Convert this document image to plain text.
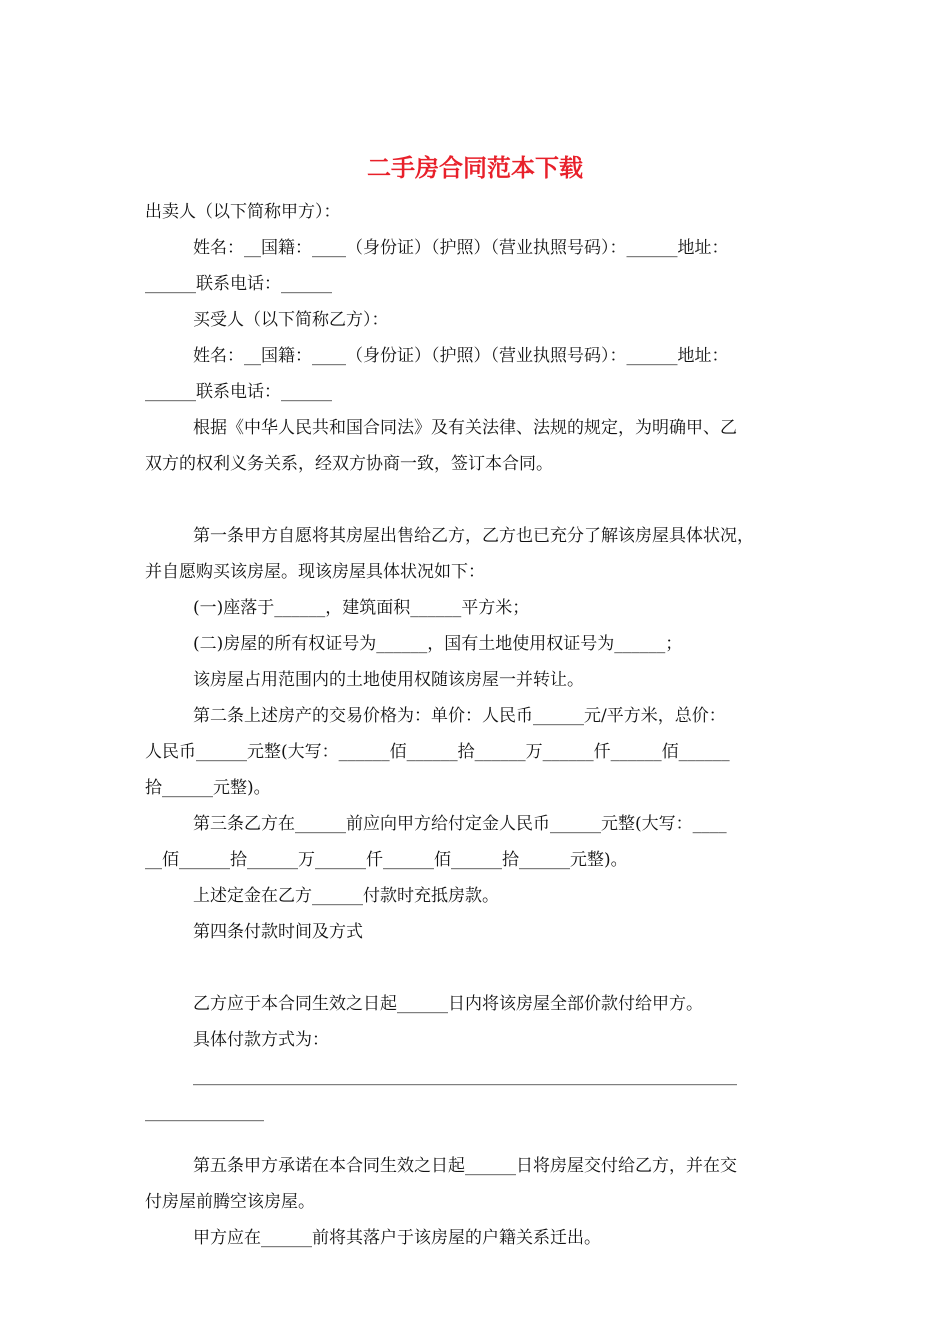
二手房合同范本下载
出卖人（以下简称甲方）：
姓名：__国籍：____（身份证）（护照）（营业执照号码）：______地址：
______联系电话：______
买受人（以下简称乙方）：
姓名：__国籍：____（身份证）（护照）（营业执照号码）：______地址：
______联系电话：______
根据《中华人民共和国合同法》及有关法律、法规的规定，为明确甲、乙
双方的权利义务关系，经双方协商一致，签订本合同。
第一条甲方自愿将其房屋出售给乙方，乙方也已充分了解该房屋具体状况，
并自愿购买该房屋。现该房屋具体状况如下：
(一)座落于______，建筑面积______平方米；
(二)房屋的所有权证号为______，国有土地使用权证号为______；
该房屋占用范围内的土地使用权随该房屋一并转让。
第二条上述房产的交易价格为：单价：人民币______元/平方米，总价：
人民币______元整(大写：______佰______拾______万______仟______佰______
拾______元整)。
第三条乙方在______前应向甲方给付定金人民币______元整(大写：____
__佰______拾______万______仟______佰______拾______元整)。
上述定金在乙方______付款时充抵房款。
第四条付款时间及方式
乙方应于本合同生效之日起______日内将该房屋全部价款付给甲方。
具体付款方式为：
________________________________________________________________
______________
第五条甲方承诺在本合同生效之日起______日将房屋交付给乙方，并在交
付房屋前腾空该房屋。
甲方应在______前将其落户于该房屋的户籍关系迁出。
